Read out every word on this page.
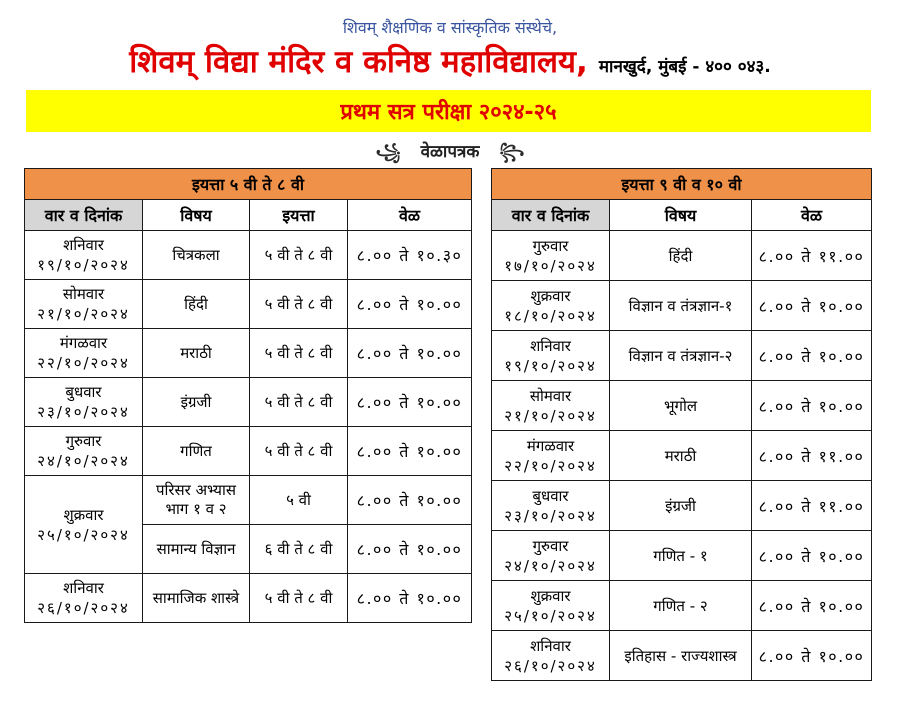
शिवम् शैक्षणिक व सांस्कृतिक संस्थेचे,
शिवम् विद्या मंदिर व कनिष्ठ महाविद्यालय, मानखुर्द, मुंबई - ४०० ०४३.
प्रथम सत्र परीक्षा २०२४-२५
꧁ वेळापत्रक ꧂
इयत्ता ५ वी ते ८ वी			
वार व दिनांक	विषय	इयत्ता	वेळ

शनिवार
१९/१०/२०२४	चित्रकला	५ वी ते ८ वी	८.०० ते १०.३०

सोमवार
२१/१०/२०२४	हिंदी	५ वी ते ८ वी	८.०० ते १०.००

मंगळवार
२२/१०/२०२४	मराठी	५ वी ते ८ वी	८.०० ते १०.००

बुधवार
२३/१०/२०२४	इंग्रजी	५ वी ते ८ वी	८.०० ते १०.००

गुरुवार
२४/१०/२०२४	गणित	५ वी ते ८ वी	८.०० ते १०.००

शुक्रवार
२५/१०/२०२४	परिसर अभ्यास भाग १ व २	५ वी	८.०० ते १०.००
	सामान्य विज्ञान	६ वी ते ८ वी	८.०० ते १०.००

शनिवार
२६/१०/२०२४	सामाजिक शास्त्रे	५ वी ते ८ वी	८.०० ते १०.००
इयत्ता ९ वी व १० वी		
वार व दिनांक	विषय	वेळ

गुरुवार
१७/१०/२०२४	हिंदी	८.०० ते ११.००

शुक्रवार
१८/१०/२०२४	विज्ञान व तंत्रज्ञान-१	८.०० ते १०.००

शनिवार
१९/१०/२०२४	विज्ञान व तंत्रज्ञान-२	८.०० ते १०.००

सोमवार
२१/१०/२०२४	भूगोल	८.०० ते १०.००

मंगळवार
२२/१०/२०२४	मराठी	८.०० ते ११.००

बुधवार
२३/१०/२०२४	इंग्रजी	८.०० ते ११.००

गुरुवार
२४/१०/२०२४	गणित - १	८.०० ते १०.००

शुक्रवार
२५/१०/२०२४	गणित - २	८.०० ते १०.००

शनिवार
२६/१०/२०२४	इतिहास - राज्यशास्त्र	८.०० ते १०.००
